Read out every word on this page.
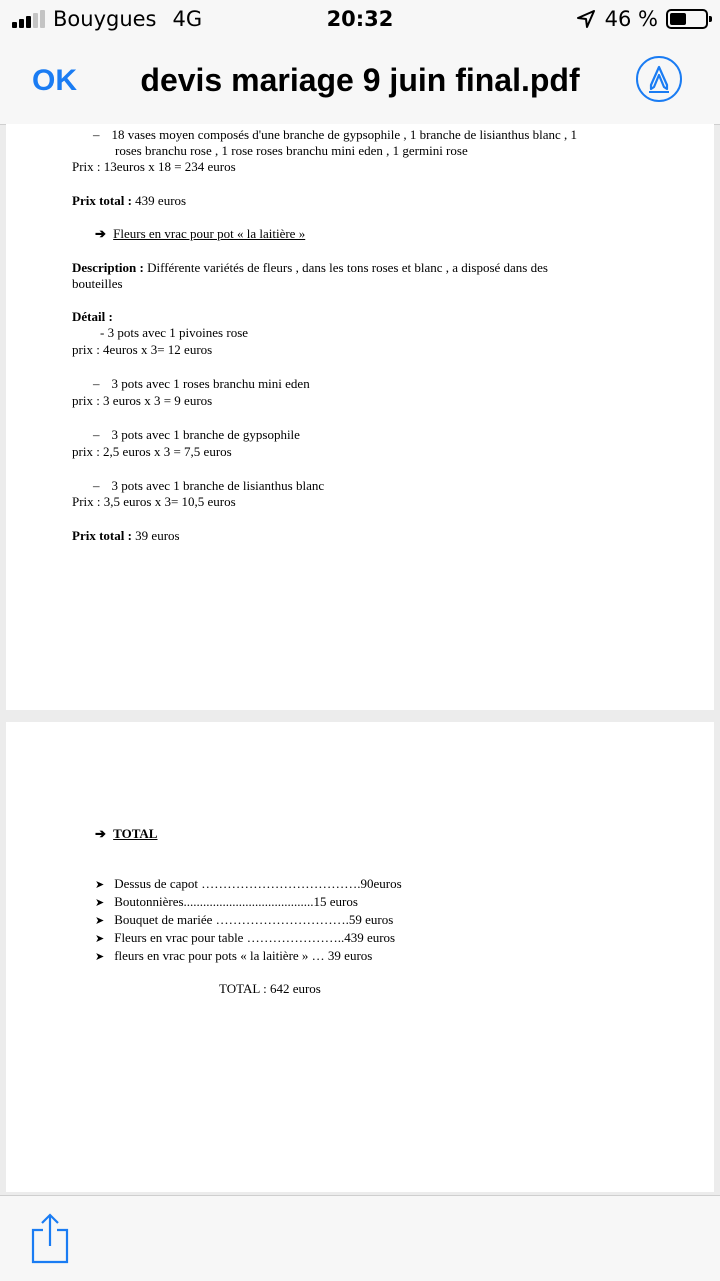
Bouygues 4G	20:32	46 %
OK	devis mariage 9 juin final.pdf
– 18 vases moyen composés d'une branche de gypsophile , 1 branche de lisianthus blanc , 1
roses branchu rose , 1 rose roses branchu mini eden , 1 germini rose
Prix : 13euros x 18 = 234 euros
Prix total : 439 euros
➔ Fleurs en vrac pour pot « la laitière »
Description : Différente variétés de fleurs , dans les tons roses et blanc , a disposé dans des
bouteilles
Détail :
- 3 pots avec 1 pivoines rose
prix : 4euros x 3= 12 euros
– 3 pots avec 1 roses branchu mini eden
prix : 3 euros x 3 = 9 euros
– 3 pots avec 1 branche de gypsophile
prix : 2,5 euros x 3 = 7,5 euros
– 3 pots avec 1 branche de lisianthus blanc
Prix : 3,5 euros x 3= 10,5 euros
Prix total : 39 euros
➔ TOTAL
➤ Dessus de capot ……………………………….90euros
➤ Boutonnières........................................15 euros
➤ Bouquet de mariée ………………………….59 euros
➤ Fleurs en vrac pour table …………………..439 euros
➤ fleurs en vrac pour pots « la laitière » … 39 euros
TOTAL : 642 euros
